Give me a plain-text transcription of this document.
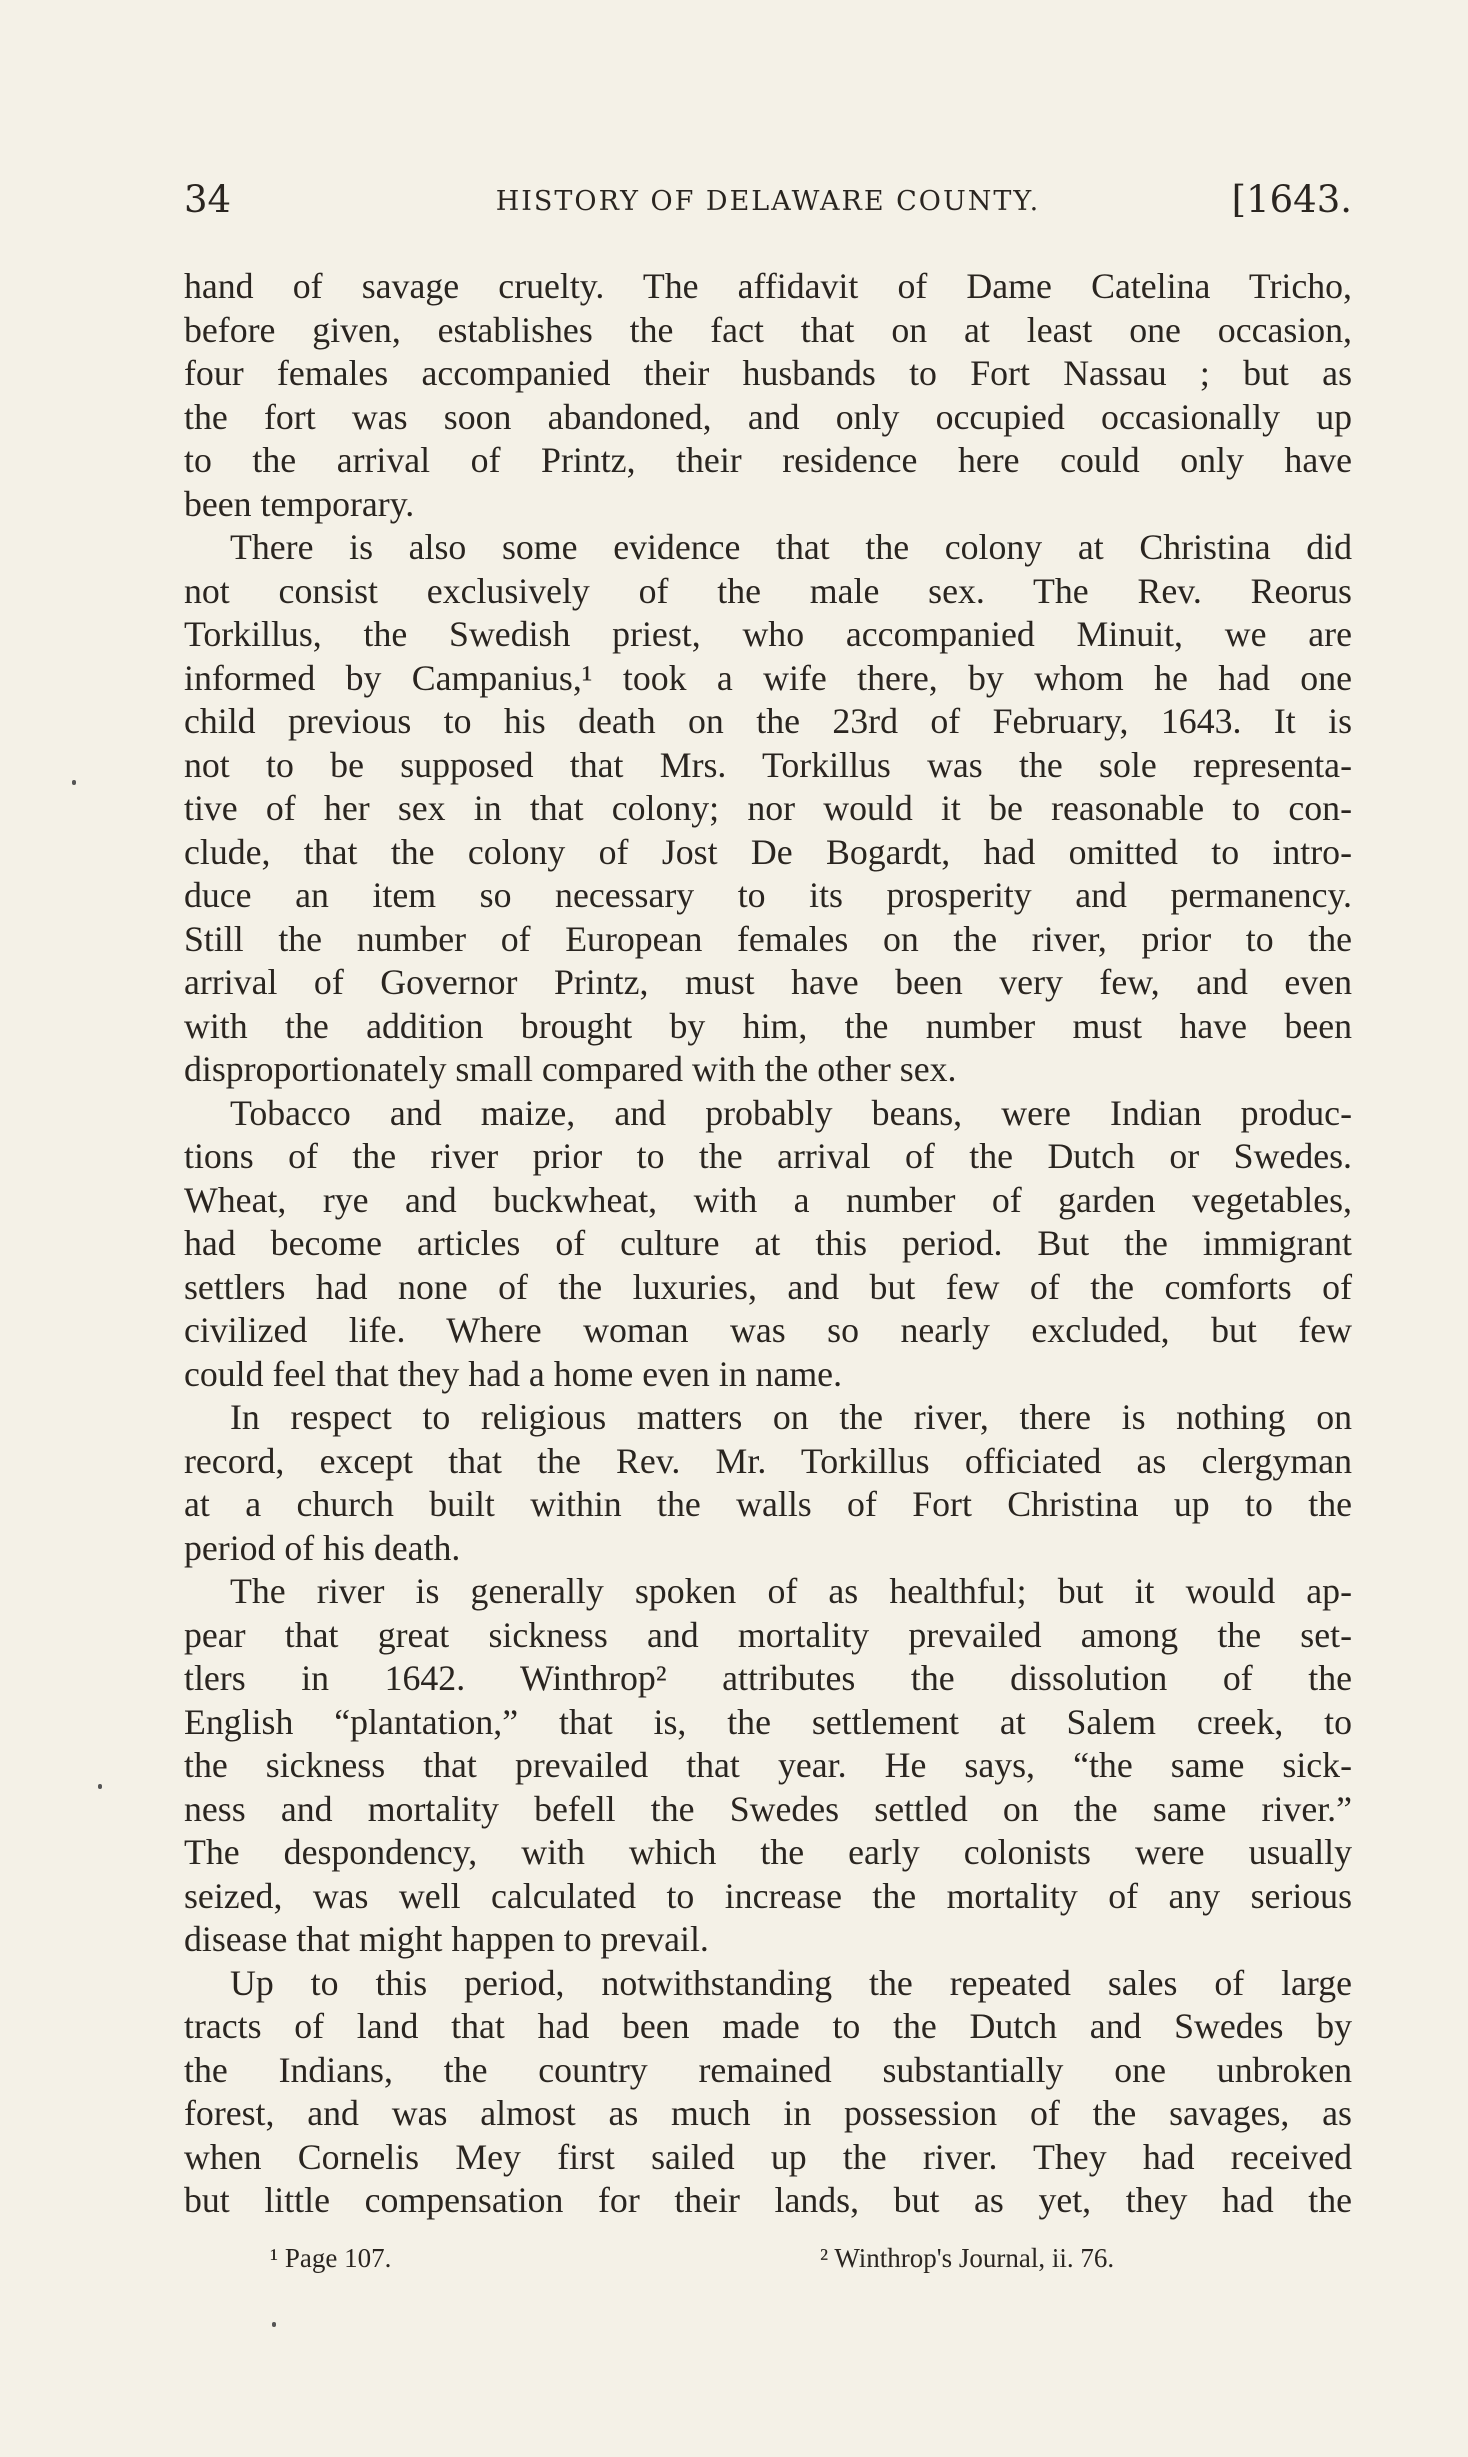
34	HISTORY OF DELAWARE COUNTY.	[1643.
hand of savage cruelty. The affidavit of Dame Catelina Tricho,
before given, establishes the fact that on at least one occasion,
four females accompanied their husbands to Fort Nassau ; but as
the fort was soon abandoned, and only occupied occasionally up
to the arrival of Printz, their residence here could only have
been temporary.
There is also some evidence that the colony at Christina did
not consist exclusively of the male sex. The Rev. Reorus
Torkillus, the Swedish priest, who accompanied Minuit, we are
informed by Campanius,¹ took a wife there, by whom he had one
child previous to his death on the 23rd of February, 1643. It is
not to be supposed that Mrs. Torkillus was the sole representa-
tive of her sex in that colony; nor would it be reasonable to con-
clude, that the colony of Jost De Bogardt, had omitted to intro-
duce an item so necessary to its prosperity and permanency.
Still the number of European females on the river, prior to the
arrival of Governor Printz, must have been very few, and even
with the addition brought by him, the number must have been
disproportionately small compared with the other sex.
Tobacco and maize, and probably beans, were Indian produc-
tions of the river prior to the arrival of the Dutch or Swedes.
Wheat, rye and buckwheat, with a number of garden vegetables,
had become articles of culture at this period. But the immigrant
settlers had none of the luxuries, and but few of the comforts of
civilized life. Where woman was so nearly excluded, but few
could feel that they had a home even in name.
In respect to religious matters on the river, there is nothing on
record, except that the Rev. Mr. Torkillus officiated as clergyman
at a church built within the walls of Fort Christina up to the
period of his death.
The river is generally spoken of as healthful; but it would ap-
pear that great sickness and mortality prevailed among the set-
tlers in 1642. Winthrop² attributes the dissolution of the
English “plantation,” that is, the settlement at Salem creek, to
the sickness that prevailed that year. He says, “the same sick-
ness and mortality befell the Swedes settled on the same river.”
The despondency, with which the early colonists were usually
seized, was well calculated to increase the mortality of any serious
disease that might happen to prevail.
Up to this period, notwithstanding the repeated sales of large
tracts of land that had been made to the Dutch and Swedes by
the Indians, the country remained substantially one unbroken
forest, and was almost as much in possession of the savages, as
when Cornelis Mey first sailed up the river. They had received
but little compensation for their lands, but as yet, they had the
¹ Page 107.	² Winthrop's Journal, ii. 76.
